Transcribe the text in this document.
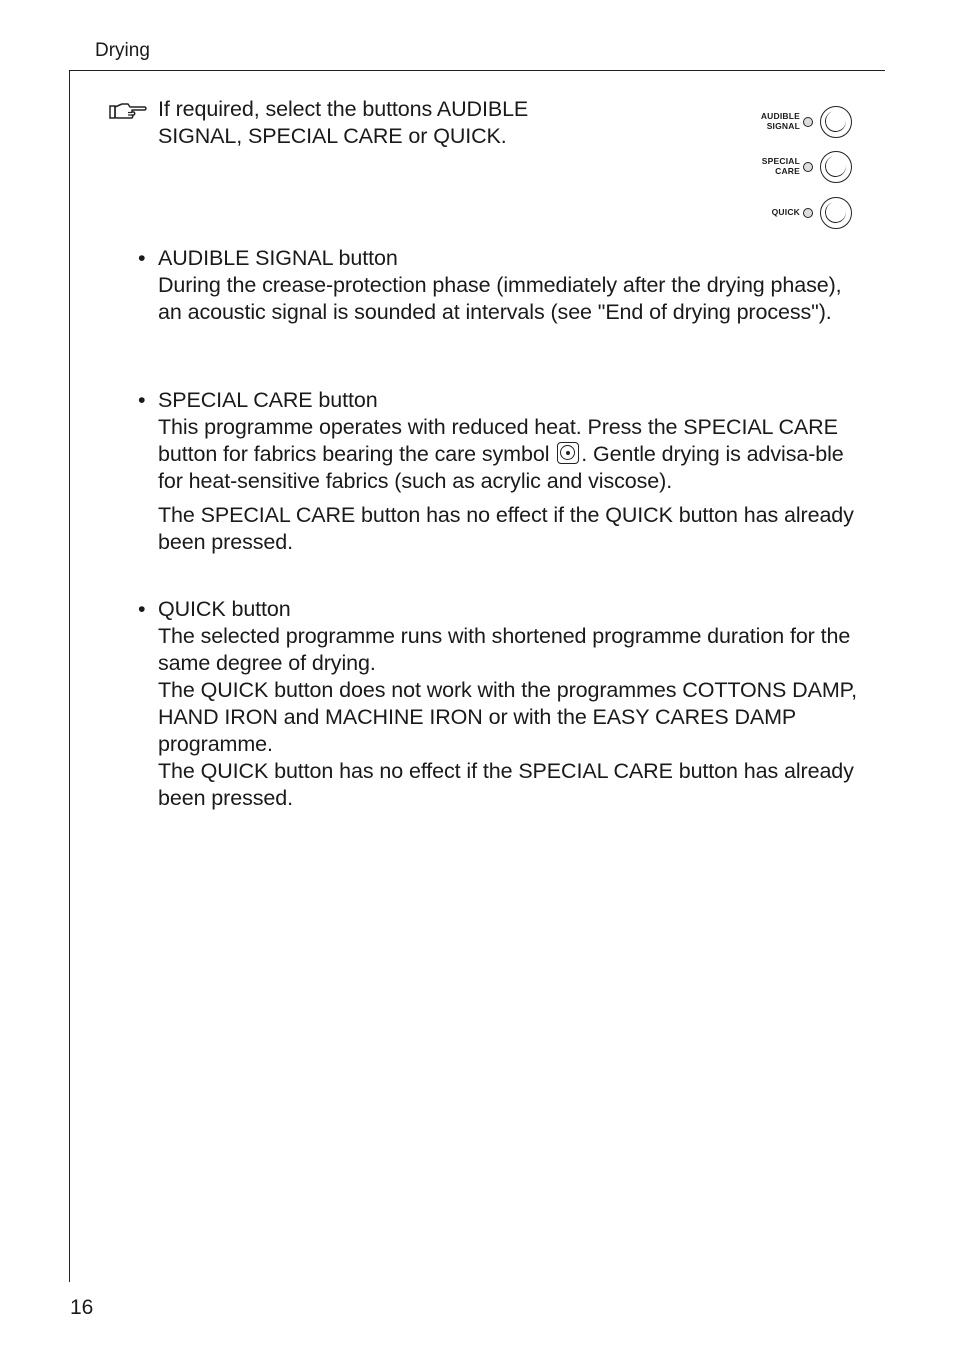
Drying
If required, select the buttons AUDIBLE SIGNAL, SPECIAL CARE or QUICK.
AUDIBLE
SIGNAL
SPECIAL
CARE
QUICK
• AUDIBLE SIGNAL button

During the crease-protection phase (immediately after the drying phase), an acoustic signal is sounded at intervals (see "End of drying process").

• SPECIAL CARE button

This programme operates with reduced heat. Press the SPECIAL CARE button for fabrics bearing the care symbol . Gentle drying is advisa-ble for heat-sensitive fabrics (such as acrylic and viscose).

The SPECIAL CARE button has no effect if the QUICK button has already been pressed.

• QUICK button

The selected programme runs with shortened programme duration for the same degree of drying.

The QUICK button does not work with the programmes COTTONS DAMP, HAND IRON and MACHINE IRON or with the EASY CARES DAMP programme.

The QUICK button has no effect if the SPECIAL CARE button has already been pressed.

16
